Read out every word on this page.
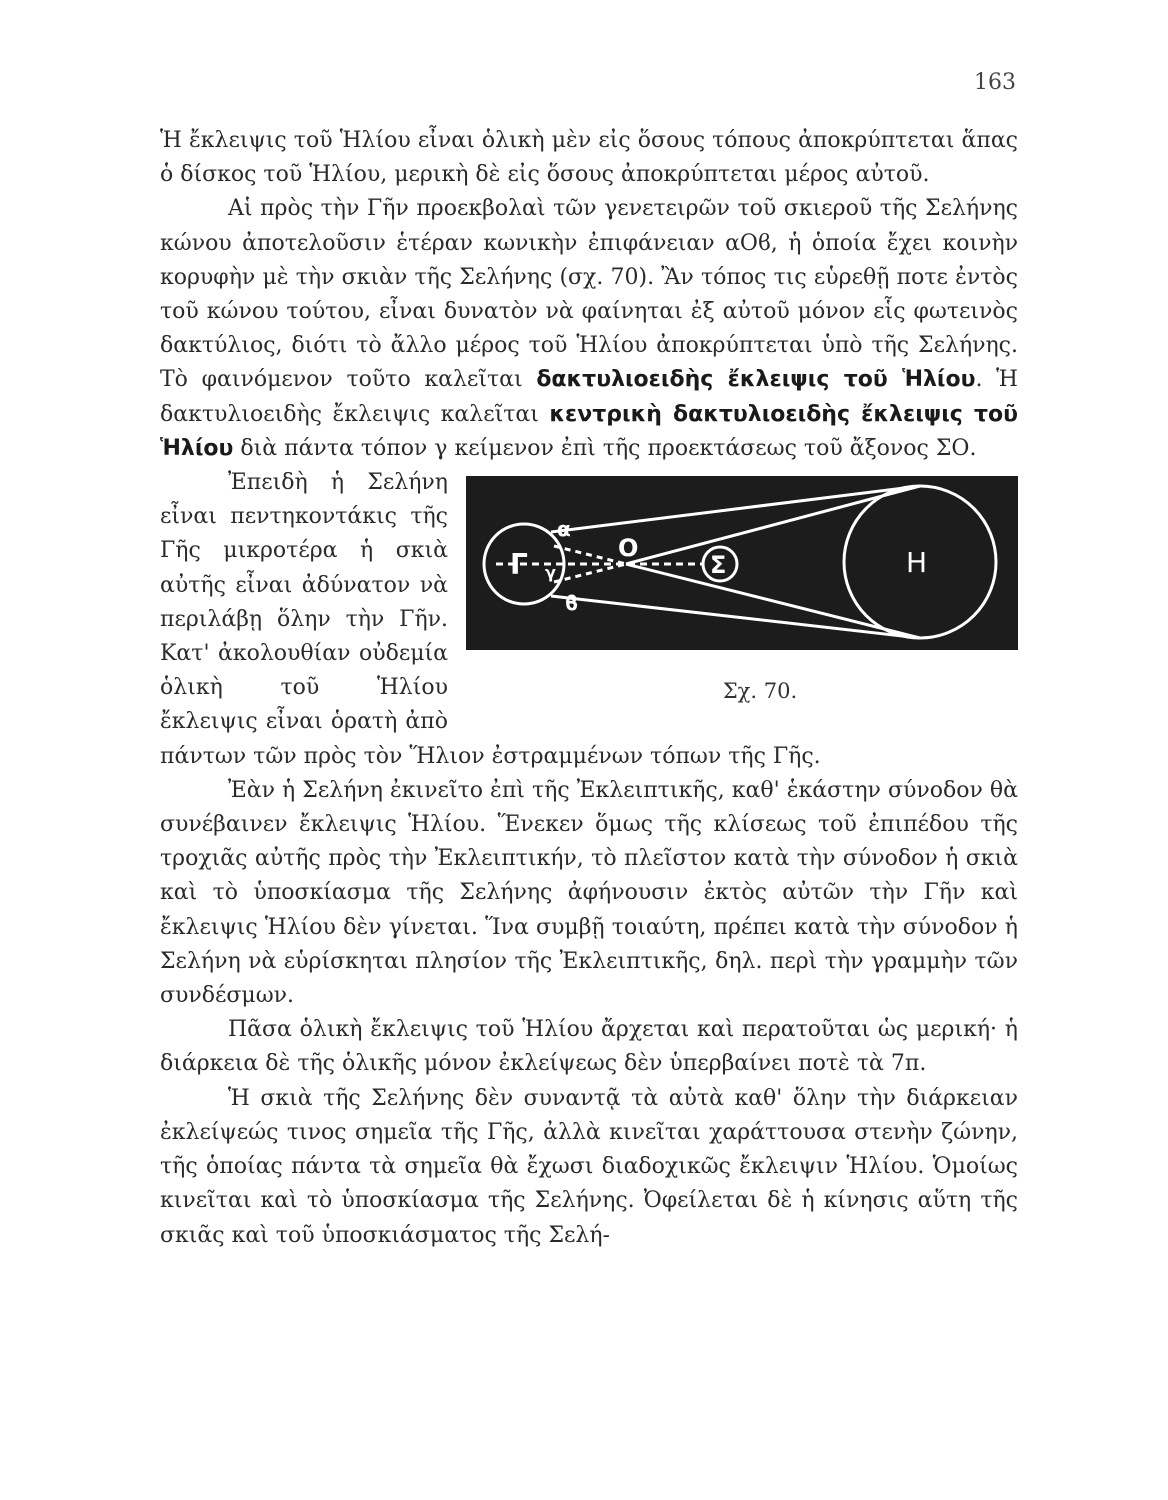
163

Ἡ ἔκλειψις τοῦ Ἡλίου εἶναι ὁλικὴ μὲν εἰς ὅσους τόπους ἀποκρύπτεται ἅπας ὁ δίσκος τοῦ Ἡλίου, μερικὴ δὲ εἰς ὅσους ἀποκρύπτεται μέρος αὐτοῦ.

Αἱ πρὸς τὴν Γῆν προεκβολαὶ τῶν γενετειρῶν τοῦ σκιεροῦ τῆς Σελήνης κώνου ἀποτελοῦσιν ἑτέραν κωνικὴν ἐπιφάνειαν αΟϐ, ἡ ὁποία ἔχει κοινὴν κορυφὴν μὲ τὴν σκιὰν τῆς Σελήνης (σχ. 70). Ἂν τόπος τις εὑρεθῇ ποτε ἐντὸς τοῦ κώνου τούτου, εἶναι δυνατὸν νὰ φαίνηται ἐξ αὐτοῦ μόνον εἷς φωτεινὸς δακτύλιος, διότι τὸ ἄλλο μέρος τοῦ Ἡλίου ἀποκρύπτεται ὑπὸ τῆς Σελήνης. Τὸ φαινόμενον τοῦτο καλεῖται δακτυλιοειδὴς ἔκλειψις τοῦ Ἡλίου. Ἡ δακτυλιοειδὴς ἔκλειψις καλεῖται κεντρικὴ δακτυλιοειδὴς ἔκλειψις τοῦ Ἡλίου διὰ πάντα τόπον γ κείμενον ἐπὶ τῆς προεκτάσεως τοῦ ἄξονος ΣΟ.

Γ
α
ϐ
γ
Ο
Σ	Η
Σχ. 70.

Ἐπειδὴ ἡ Σελήνη εἶναι πεντηκοντάκις τῆς Γῆς μικροτέρα ἡ σκιὰ αὐτῆς εἶναι ἀδύνατον νὰ περιλάβῃ ὅλην τὴν Γῆν. Κατ' ἀκολουθίαν οὐδεμία ὁλικὴ τοῦ Ἡλίου ἔκλειψις εἶναι ὁρατὴ ἀπὸ πάντων τῶν πρὸς τὸν Ἥλιον ἐστραμμένων τόπων τῆς Γῆς.

Ἐὰν ἡ Σελήνη ἐκινεῖτο ἐπὶ τῆς Ἐκλειπτικῆς, καθ' ἑκάστην σύνοδον θὰ συνέβαινεν ἔκλειψις Ἡλίου. Ἕνεκεν ὅμως τῆς κλίσεως τοῦ ἐπιπέδου τῆς τροχιᾶς αὐτῆς πρὸς τὴν Ἐκλειπτικήν, τὸ πλεῖστον κατὰ τὴν σύνοδον ἡ σκιὰ καὶ τὸ ὑποσκίασμα τῆς Σελήνης ἀφήνουσιν ἐκτὸς αὐτῶν τὴν Γῆν καὶ ἔκλειψις Ἡλίου δὲν γίνεται. Ἵνα συμβῇ τοιαύτη, πρέπει κατὰ τὴν σύνοδον ἡ Σελήνη νὰ εὑρίσκηται πλησίον τῆς Ἐκλειπτικῆς, δηλ. περὶ τὴν γραμμὴν τῶν συνδέσμων.

Πᾶσα ὁλικὴ ἔκλειψις τοῦ Ἡλίου ἄρχεται καὶ περατοῦται ὡς μερική· ἡ διάρκεια δὲ τῆς ὁλικῆς μόνον ἐκλείψεως δὲν ὑπερβαίνει ποτὲ τὰ 7π.

Ἡ σκιὰ τῆς Σελήνης δὲν συναντᾷ τὰ αὐτὰ καθ' ὅλην τὴν διάρκειαν ἐκλείψεώς τινος σημεῖα τῆς Γῆς, ἀλλὰ κινεῖται χαράττουσα στενὴν ζώνην, τῆς ὁποίας πάντα τὰ σημεῖα θὰ ἔχωσι διαδοχικῶς ἔκλειψιν Ἡλίου. Ὁμοίως κινεῖται καὶ τὸ ὑποσκίασμα τῆς Σελήνης. Ὀφείλεται δὲ ἡ κίνησις αὕτη τῆς σκιᾶς καὶ τοῦ ὑποσκιάσματος τῆς Σελή-
